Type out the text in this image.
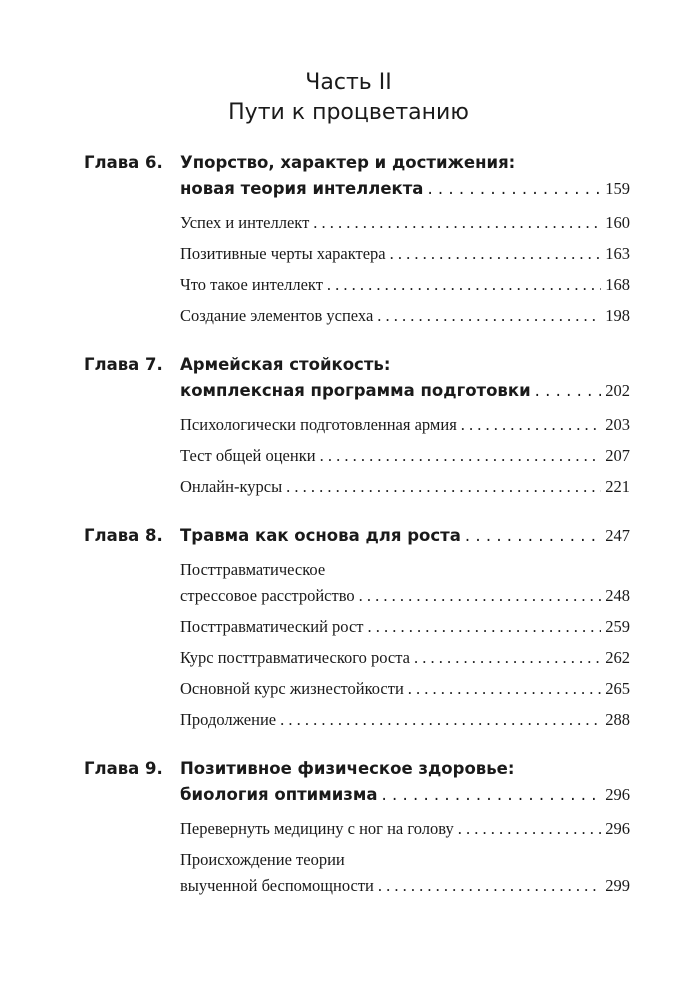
Часть II
Пути к процветанию
Глава 6.	Упорство, характер и достижения:
новая теория интеллекта . . .	159
Успех и интеллект . . .	160
Позитивные черты характера . . .	163
Что такое интеллект . . .	168
Создание элементов успеха . . .	198
Глава 7.	Армейская стойкость:
комплексная программа подготовки . . .	202
Психологически подготовленная армия . . .	203
Тест общей оценки . . .	207
Онлайн-курсы . . .	221
Глава 8.	Травма как основа для роста . . .	247
Посттравматическое
стрессовое расстройство . . .	248
Посттравматический рост . . .	259
Курс посттравматического роста . . .	262
Основной курс жизнестойкости . . .	265
Продолжение . . .	288
Глава 9.	Позитивное физическое здоровье:
биология оптимизма . . .	296
Перевернуть медицину с ног на голову . . .	296
Происхождение теории
выученной беспомощности . . .	299
